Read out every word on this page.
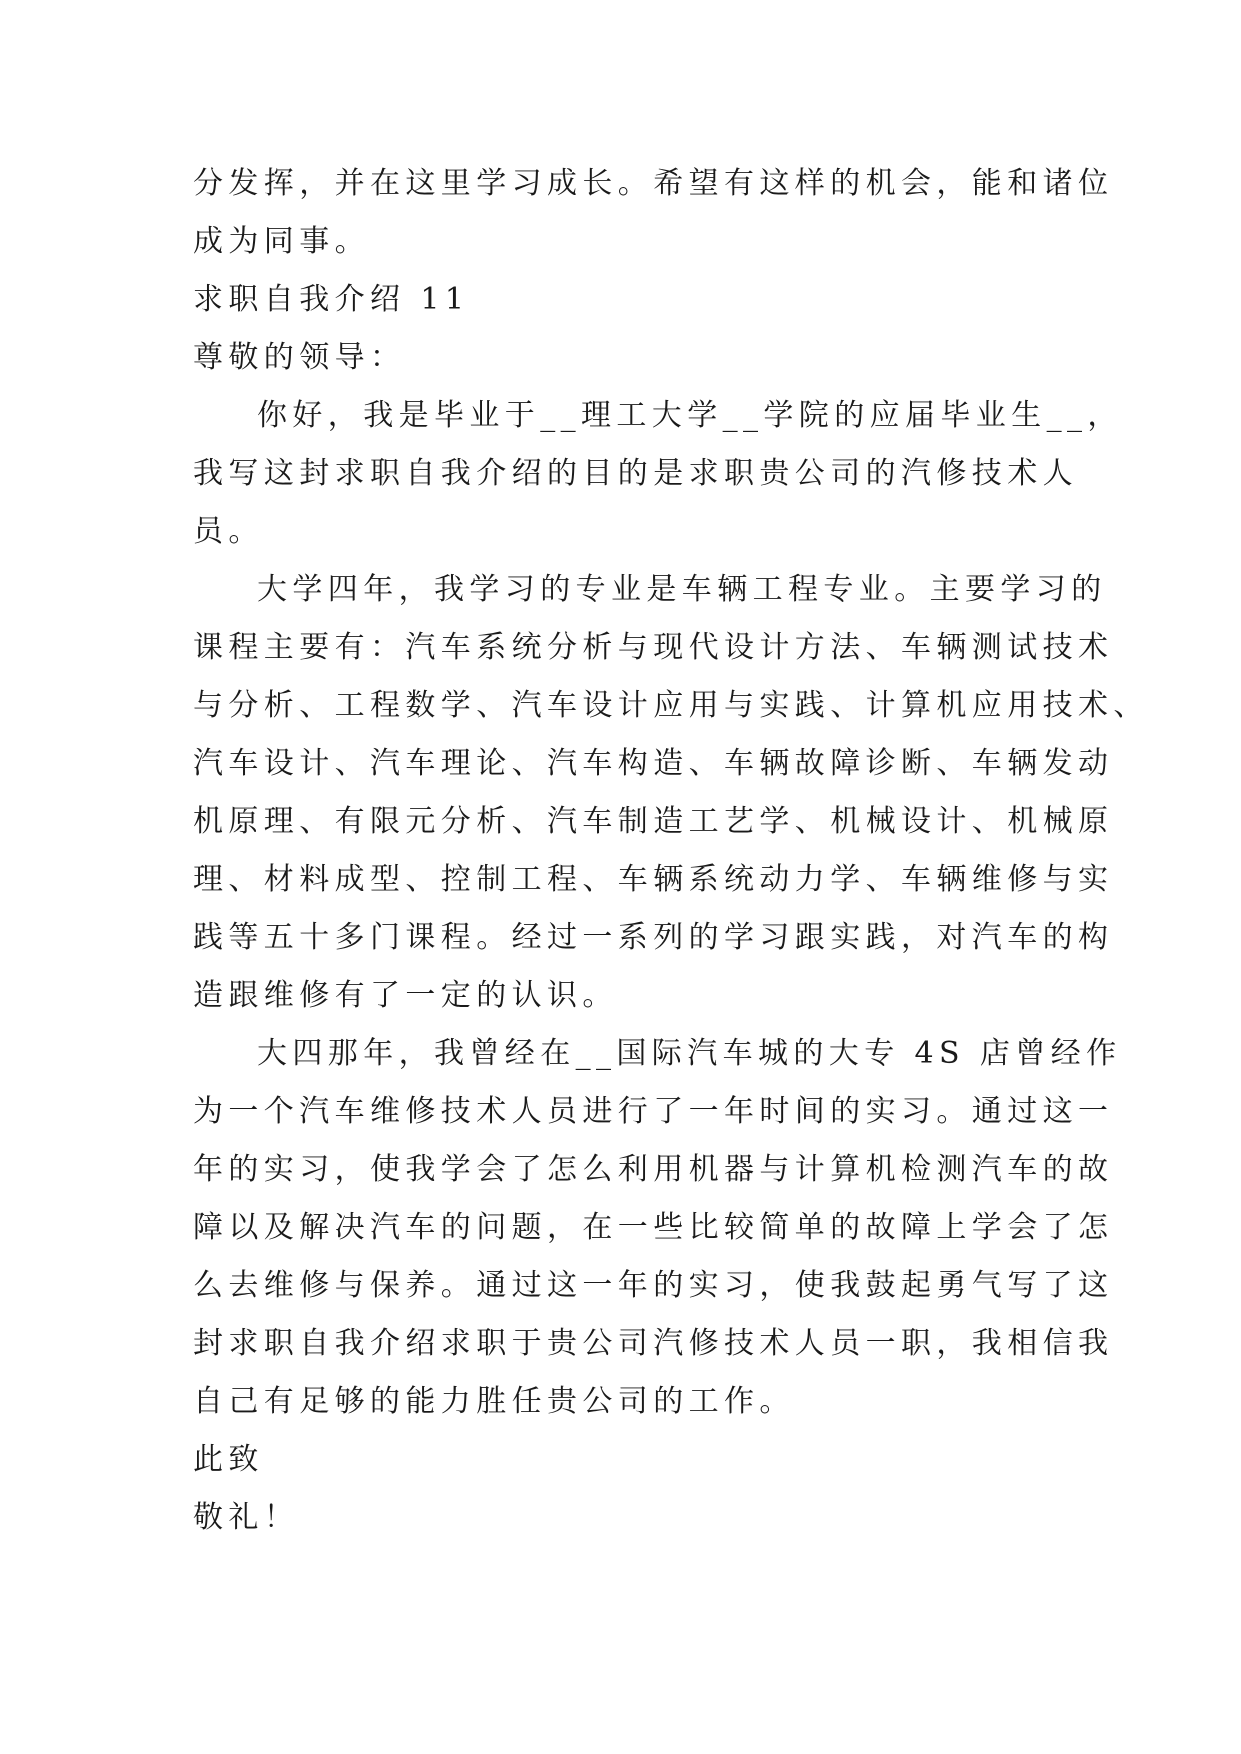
分发挥，并在这里学习成长。希望有这样的机会，能和诸位
成为同事。
求职自我介绍 11
尊敬的领导：
你好，我是毕业于__理工大学__学院的应届毕业生__，
我写这封求职自我介绍的目的是求职贵公司的汽修技术人
员。
大学四年，我学习的专业是车辆工程专业。主要学习的
课程主要有：汽车系统分析与现代设计方法、车辆测试技术
与分析、工程数学、汽车设计应用与实践、计算机应用技术、
汽车设计、汽车理论、汽车构造、车辆故障诊断、车辆发动
机原理、有限元分析、汽车制造工艺学、机械设计、机械原
理、材料成型、控制工程、车辆系统动力学、车辆维修与实
践等五十多门课程。经过一系列的学习跟实践，对汽车的构
造跟维修有了一定的认识。
大四那年，我曾经在__国际汽车城的大专 4S 店曾经作
为一个汽车维修技术人员进行了一年时间的实习。通过这一
年的实习，使我学会了怎么利用机器与计算机检测汽车的故
障以及解决汽车的问题，在一些比较简单的故障上学会了怎
么去维修与保养。通过这一年的实习，使我鼓起勇气写了这
封求职自我介绍求职于贵公司汽修技术人员一职，我相信我
自己有足够的能力胜任贵公司的工作。
此致
敬礼！
